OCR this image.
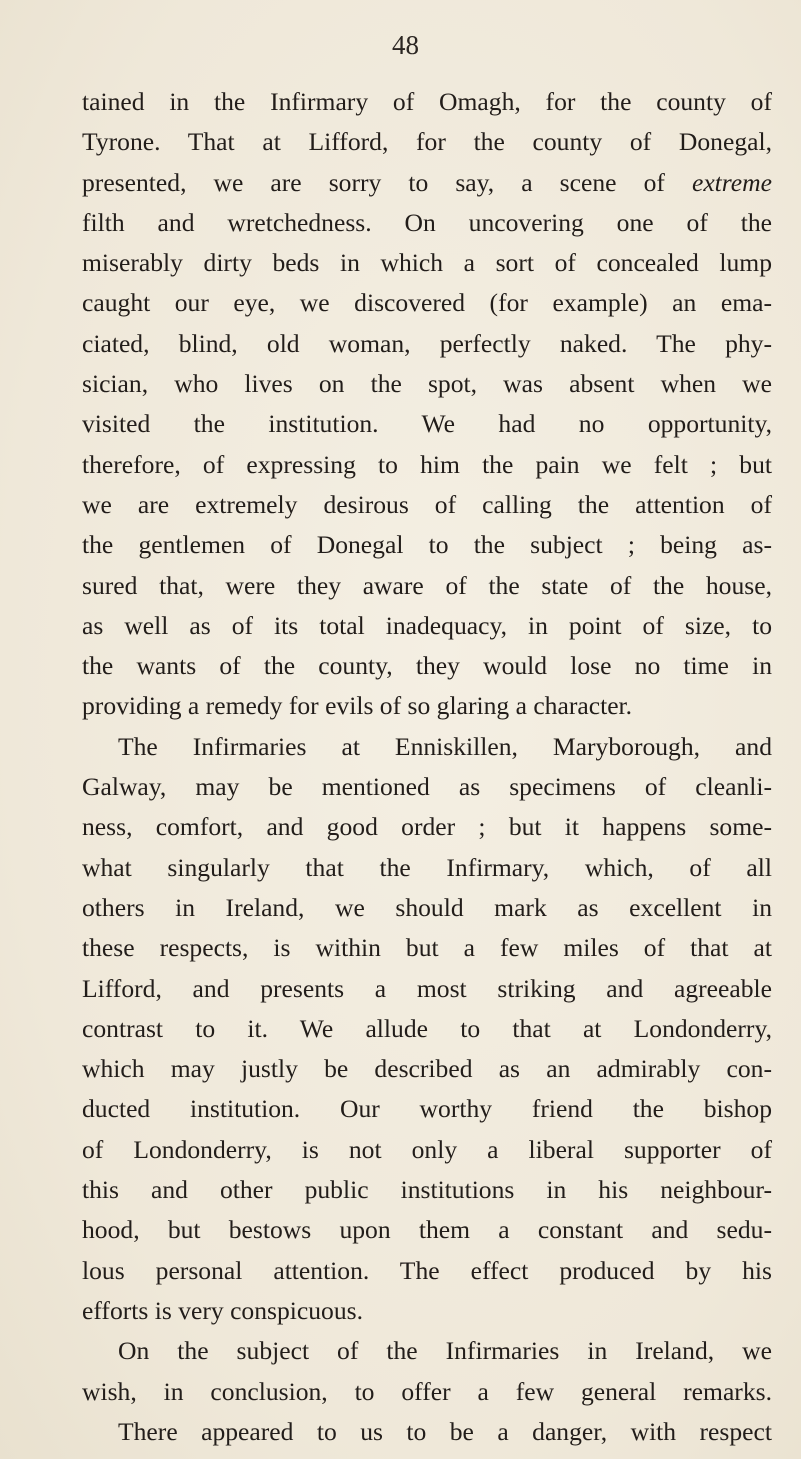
48
tained in the Infirmary of Omagh, for the county of
Tyrone. That at Lifford, for the county of Donegal,
presented, we are sorry to say, a scene of extreme
filth and wretchedness. On uncovering one of the
miserably dirty beds in which a sort of concealed lump
caught our eye, we discovered (for example) an ema-
ciated, blind, old woman, perfectly naked. The phy-
sician, who lives on the spot, was absent when we
visited the institution. We had no opportunity,
therefore, of expressing to him the pain we felt ; but
we are extremely desirous of calling the attention of
the gentlemen of Donegal to the subject ; being as-
sured that, were they aware of the state of the house,
as well as of its total inadequacy, in point of size, to
the wants of the county, they would lose no time in
providing a remedy for evils of so glaring a character.
The Infirmaries at Enniskillen, Maryborough, and
Galway, may be mentioned as specimens of cleanli-
ness, comfort, and good order ; but it happens some-
what singularly that the Infirmary, which, of all
others in Ireland, we should mark as excellent in
these respects, is within but a few miles of that at
Lifford, and presents a most striking and agreeable
contrast to it. We allude to that at Londonderry,
which may justly be described as an admirably con-
ducted institution. Our worthy friend the bishop
of Londonderry, is not only a liberal supporter of
this and other public institutions in his neighbour-
hood, but bestows upon them a constant and sedu-
lous personal attention. The effect produced by his
efforts is very conspicuous.
On the subject of the Infirmaries in Ireland, we
wish, in conclusion, to offer a few general remarks.
There appeared to us to be a danger, with respect
